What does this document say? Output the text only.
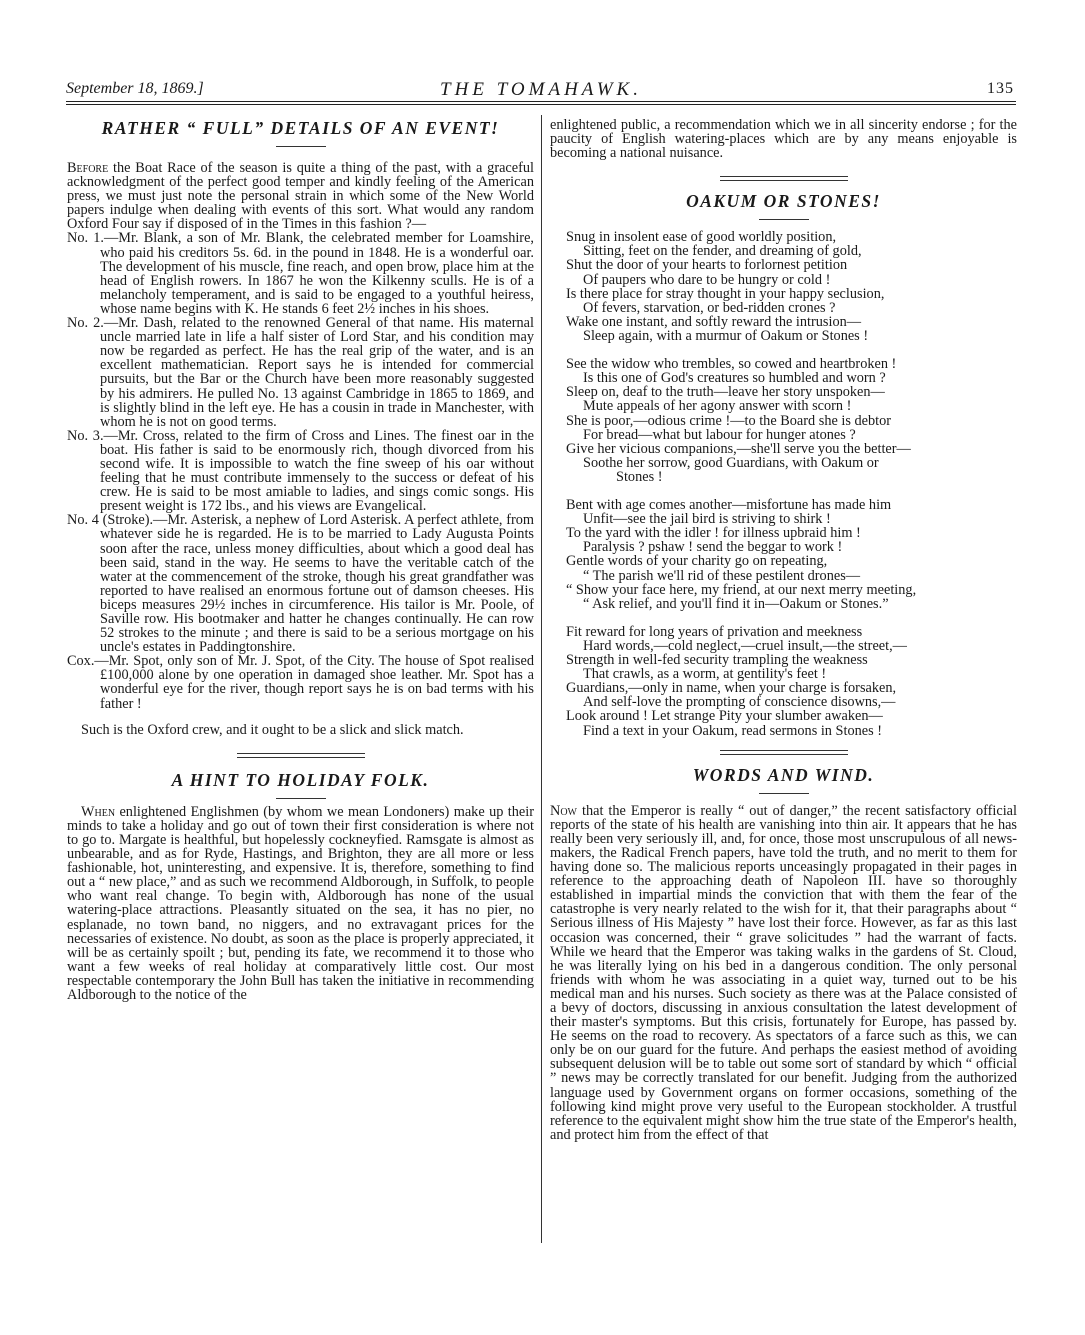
September 18, 1869.]	THE TOMAHAWK.	135
RATHER “ FULL” DETAILS OF AN EVENT!

Before the Boat Race of the season is quite a thing of the past, with a graceful acknowledgment of the perfect good temper and kindly feeling of the American press, we must just note the personal strain in which some of the New World papers indulge when dealing with events of this sort. What would any random Oxford Four say if disposed of in the Times in this fashion ?—

No. 1.—Mr. Blank, a son of Mr. Blank, the celebrated member for Loamshire, who paid his creditors 5s. 6d. in the pound in 1848. He is a wonderful oar. The development of his muscle, fine reach, and open brow, place him at the head of English rowers. In 1867 he won the Kilkenny sculls. He is of a melancholy temperament, and is said to be engaged to a youthful heiress, whose name begins with K. He stands 6 feet 2½ inches in his shoes.

No. 2.—Mr. Dash, related to the renowned General of that name. His maternal uncle married late in life a half sister of Lord Star, and his condition may now be regarded as perfect. He has the real grip of the water, and is an excellent mathematician. Report says he is intended for commercial pursuits, but the Bar or the Church have been more reasonably suggested by his admirers. He pulled No. 13 against Cambridge in 1865 to 1869, and is slightly blind in the left eye. He has a cousin in trade in Manchester, with whom he is not on good terms.

No. 3.—Mr. Cross, related to the firm of Cross and Lines. The finest oar in the boat. His father is said to be enormously rich, though divorced from his second wife. It is impossible to watch the fine sweep of his oar without feeling that he must contribute immensely to the success or defeat of his crew. He is said to be most amiable to ladies, and sings comic songs. His present weight is 172 lbs., and his views are Evangelical.

No. 4 (Stroke).—Mr. Asterisk, a nephew of Lord Asterisk. A perfect athlete, from whatever side he is regarded. He is to be married to Lady Augusta Points soon after the race, unless money difficulties, about which a good deal has been said, stand in the way. He seems to have the veritable catch of the water at the commencement of the stroke, though his great grandfather was reported to have realised an enormous fortune out of damson cheeses. His biceps measures 29½ inches in circumference. His tailor is Mr. Poole, of Saville row. His bootmaker and hatter he changes continually. He can row 52 strokes to the minute ; and there is said to be a serious mortgage on his uncle's estates in Paddingtonshire.

Cox.—Mr. Spot, only son of Mr. J. Spot, of the City. The house of Spot realised £100,000 alone by one operation in damaged shoe leather. Mr. Spot has a wonderful eye for the river, though report says he is on bad terms with his father !

Such is the Oxford crew, and it ought to be a slick and slick match.

A HINT TO HOLIDAY FOLK.

When enlightened Englishmen (by whom we mean Londoners) make up their minds to take a holiday and go out of town their first consideration is where not to go to. Margate is healthful, but hopelessly cockneyfied. Ramsgate is almost as unbearable, and as for Ryde, Hastings, and Brighton, they are all more or less fashionable, hot, uninteresting, and expensive. It is, therefore, something to find out a “ new place,” and as such we recommend Aldborough, in Suffolk, to people who want real change. To begin with, Aldborough has none of the usual watering-place attractions. Pleasantly situated on the sea, it has no pier, no esplanade, no town band, no niggers, and no extravagant prices for the necessaries of existence. No doubt, as soon as the place is properly appreciated, it will be as certainly spoilt ; but, pending its fate, we recommend it to those who want a few weeks of real holiday at comparatively little cost. Our most respectable contemporary the John Bull has taken the initiative in recommending Aldborough to the notice of the

enlightened public, a recommendation which we in all sincerity endorse ; for the paucity of English watering-places which are by any means enjoyable is becoming a national nuisance.

OAKUM OR STONES!
Snug in insolent ease of good worldly position,
Sitting, feet on the fender, and dreaming of gold,
Shut the door of your hearts to forlornest petition
Of paupers who dare to be hungry or cold !
Is there place for stray thought in your happy seclusion,
Of fevers, starvation, or bed-ridden crones ?
Wake one instant, and softly reward the intrusion—
Sleep again, with a murmur of Oakum or Stones !

See the widow who trembles, so cowed and heartbroken !
Is this one of God's creatures so humbled and worn ?
Sleep on, deaf to the truth—leave her story unspoken—
Mute appeals of her agony answer with scorn !
She is poor,—odious crime !—to the Board she is debtor
For bread—what but labour for hunger atones ?
Give her vicious companions,—she'll serve you the better—
Soothe her sorrow, good Guardians, with Oakum or
Stones !

Bent with age comes another—misfortune has made him
Unfit—see the jail bird is striving to shirk !
To the yard with the idler ! for illness upbraid him !
Paralysis ? pshaw ! send the beggar to work !
Gentle words of your charity go on repeating,
“ The parish we'll rid of these pestilent drones—
“ Show your face here, my friend, at our next merry meeting,
“ Ask relief, and you'll find it in—Oakum or Stones.”

Fit reward for long years of privation and meekness
Hard words,—cold neglect,—cruel insult,—the street,—
Strength in well-fed security trampling the weakness
That crawls, as a worm, at gentility's feet !
Guardians,—only in name, when your charge is forsaken,
And self-love the prompting of conscience disowns,—
Look around ! Let strange Pity your slumber awaken—
Find a text in your Oakum, read sermons in Stones !
WORDS AND WIND.

Now that the Emperor is really “ out of danger,” the recent satisfactory official reports of the state of his health are vanishing into thin air. It appears that he has really been very seriously ill, and, for once, those most unscrupulous of all news-makers, the Radical French papers, have told the truth, and no merit to them for having done so. The malicious reports unceasingly propagated in their pages in reference to the approaching death of Napoleon III. have so thoroughly established in impartial minds the conviction that with them the fear of the catastrophe is very nearly related to the wish for it, that their paragraphs about “ Serious illness of His Majesty ” have lost their force. However, as far as this last occasion was concerned, their “ grave solicitudes ” had the warrant of facts. While we heard that the Emperor was taking walks in the gardens of St. Cloud, he was literally lying on his bed in a dangerous condition. The only personal friends with whom he was associating in a quiet way, turned out to be his medical man and his nurses. Such society as there was at the Palace consisted of a bevy of doctors, discussing in anxious consultation the latest development of their master's symptoms. But this crisis, fortunately for Europe, has passed by. He seems on the road to recovery. As spectators of a farce such as this, we can only be on our guard for the future. And perhaps the easiest method of avoiding subsequent delusion will be to table out some sort of standard by which “ official ” news may be correctly translated for our benefit. Judging from the authorized language used by Government organs on former occasions, something of the following kind might prove very useful to the European stockholder. A trustful reference to the equivalent might show him the true state of the Emperor's health, and protect him from the effect of that
